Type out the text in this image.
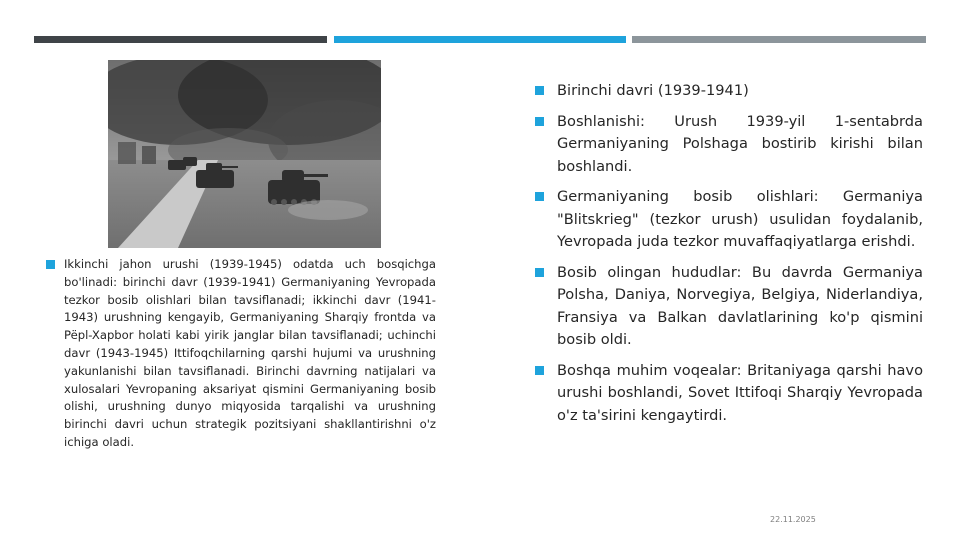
Ikkinchi jahon urushi (1939-1945) odatda uch bosqichga bo'linadi: birinchi davr (1939-1941) Germaniyaning Yevropada tezkor bosib olishlari bilan tavsiflanadi; ikkinchi davr (1941-1943) urushning kengayib, Germaniyaning Sharqiy frontda va Pëpl-Xapbor holati kabi yirik janglar bilan tavsiflanadi; uchinchi davr (1943-1945) Ittifoqchilarning qarshi hujumi va urushning yakunlanishi bilan tavsiflanadi. Birinchi davrning natijalari va xulosalari Yevropaning aksariyat qismini Germaniyaning bosib olishi, urushning dunyo miqyosida tarqalishi va urushning birinchi davri uchun strategik pozitsiyani shakllantirishni o'z ichiga oladi.
Birinchi davri (1939-1941)
Boshlanishi: Urush 1939-yil 1-sentabrda Germaniyaning Polshaga bostirib kirishi bilan boshlandi.
Germaniyaning bosib olishlari: Germaniya "Blitskrieg" (tezkor urush) usulidan foydalanib, Yevropada juda tezkor muvaffaqiyatlarga erishdi.
Bosib olingan hududlar: Bu davrda Germaniya Polsha, Daniya, Norvegiya, Belgiya, Niderlandiya, Fransiya va Balkan davlatlarining ko'p qismini bosib oldi.
Boshqa muhim voqealar: Britaniyaga qarshi havo urushi boshlandi, Sovet Ittifoqi Sharqiy Yevropada o'z ta'sirini kengaytirdi.
22.11.2025
